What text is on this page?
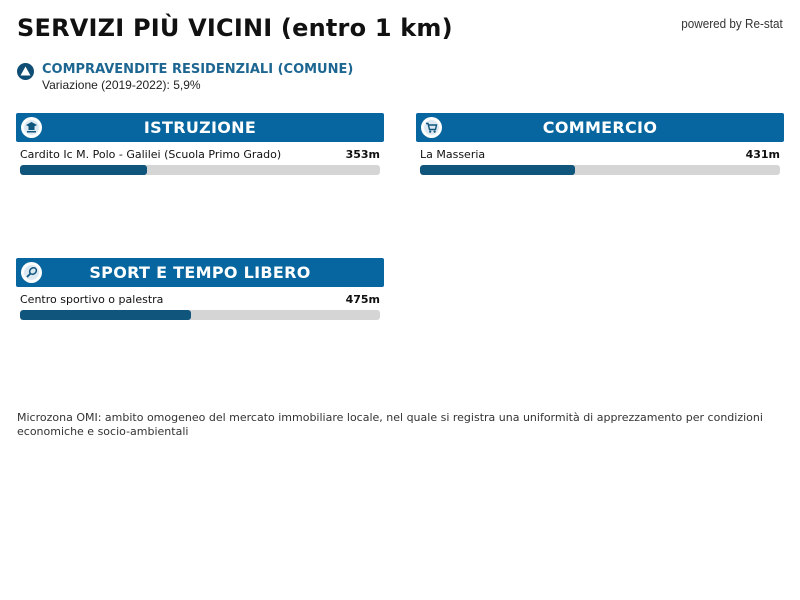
SERVIZI PIÙ VICINI (entro 1 km)	powered by Re-stat
COMPRAVENDITE RESIDENZIALI (COMUNE)
Variazione (2019-2022): 5,9%
ISTRUZIONE
Cardito Ic M. Polo - Galilei (Scuola Primo Grado)	353m
COMMERCIO
La Masseria	431m
SPORT E TEMPO LIBERO
Centro sportivo o palestra	475m
Microzona OMI: ambito omogeneo del mercato immobiliare locale, nel quale si registra una uniformità di apprezzamento per condizioni economiche e socio-ambientali
